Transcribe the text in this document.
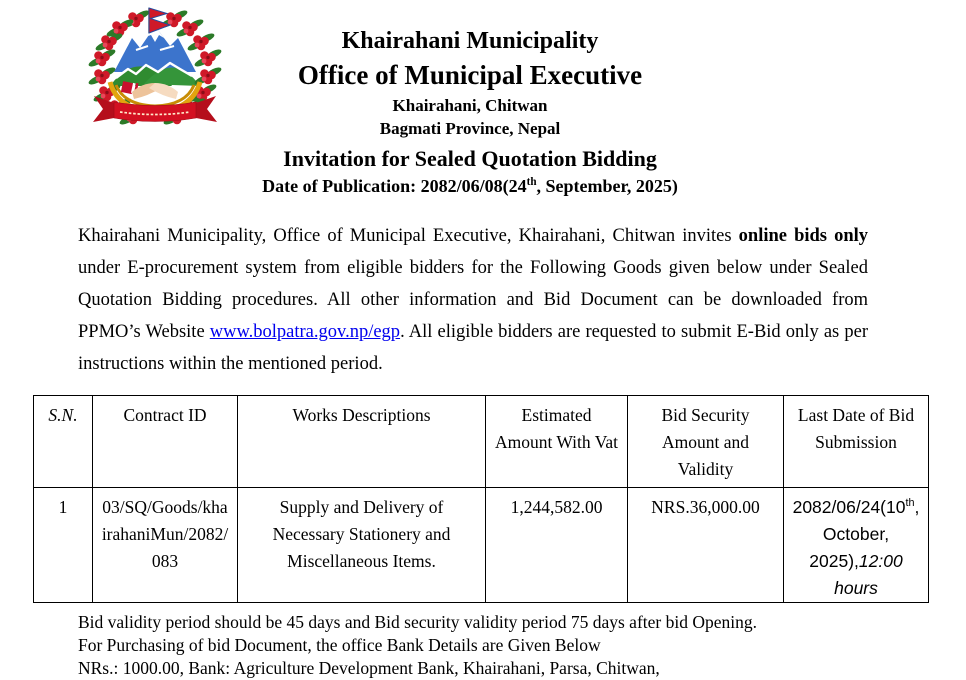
Khairahani Municipality
Office of Municipal Executive
Khairahani, Chitwan
Bagmati Province, Nepal
Invitation for Sealed Quotation Bidding
Date of Publication: 2082/06/08(24th, September, 2025)

Khairahani Municipality, Office of Municipal Executive, Khairahani, Chitwan invites online bids only under E-procurement system from eligible bidders for the Following Goods given below under Sealed Quotation Bidding procedures. All other information and Bid Document can be downloaded from PPMO’s Website www.bolpatra.gov.np/egp. All eligible bidders are requested to submit E-Bid only as per instructions within the mentioned period.

S.N.	Contract ID	Works Descriptions	Estimated Amount With Vat	Bid Security Amount and Validity	Last Date of Bid Submission
1	03/SQ/Goods/khairahaniMun/2082/083	Supply and Delivery of Necessary Stationery and Miscellaneous Items.	1,244,582.00	NRS.36,000.00	2082/06/24(10th, October, 2025),12:00 hours
Bid validity period should be 45 days and Bid security validity period 75 days after bid Opening.
For Purchasing of bid Document, the office Bank Details are Given Below
NRs.: 1000.00, Bank: Agriculture Development Bank, Khairahani, Parsa, Chitwan,
